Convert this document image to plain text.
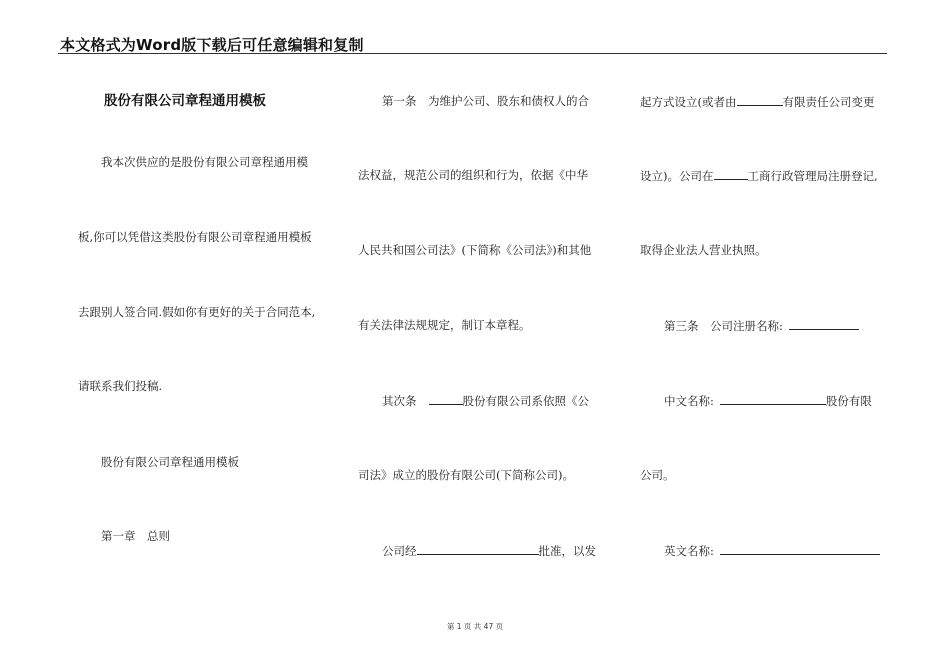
本文格式为Word版下载后可任意编辑和复制
股份有限公司章程通用模板
我本次供应的是股份有限公司章程通用模
板,你可以凭借这类股份有限公司章程通用模板
去跟别人签合同.假如你有更好的关于合同范本,
请联系我们投稿.
股份有限公司章程通用模板
第一章　总则
第一条　为维护公司、股东和债权人的合
法权益，规范公司的组织和行为，依据《中华
人民共和国公司法》(下简称《公司法》)和其他
有关法律法规规定，制订本章程。
其次条	股份有限公司系依照《公
司法》成立的股份有限公司(下简称公司)。
公司经	批准，以发
起方式设立(或者由	有限责任公司变更
设立)。公司在	工商行政管理局注册登记,
取得企业法人营业执照。
第三条　公司注册名称:
中文名称:	股份有限
公司。
英文名称:
第 1 页 共 47 页
